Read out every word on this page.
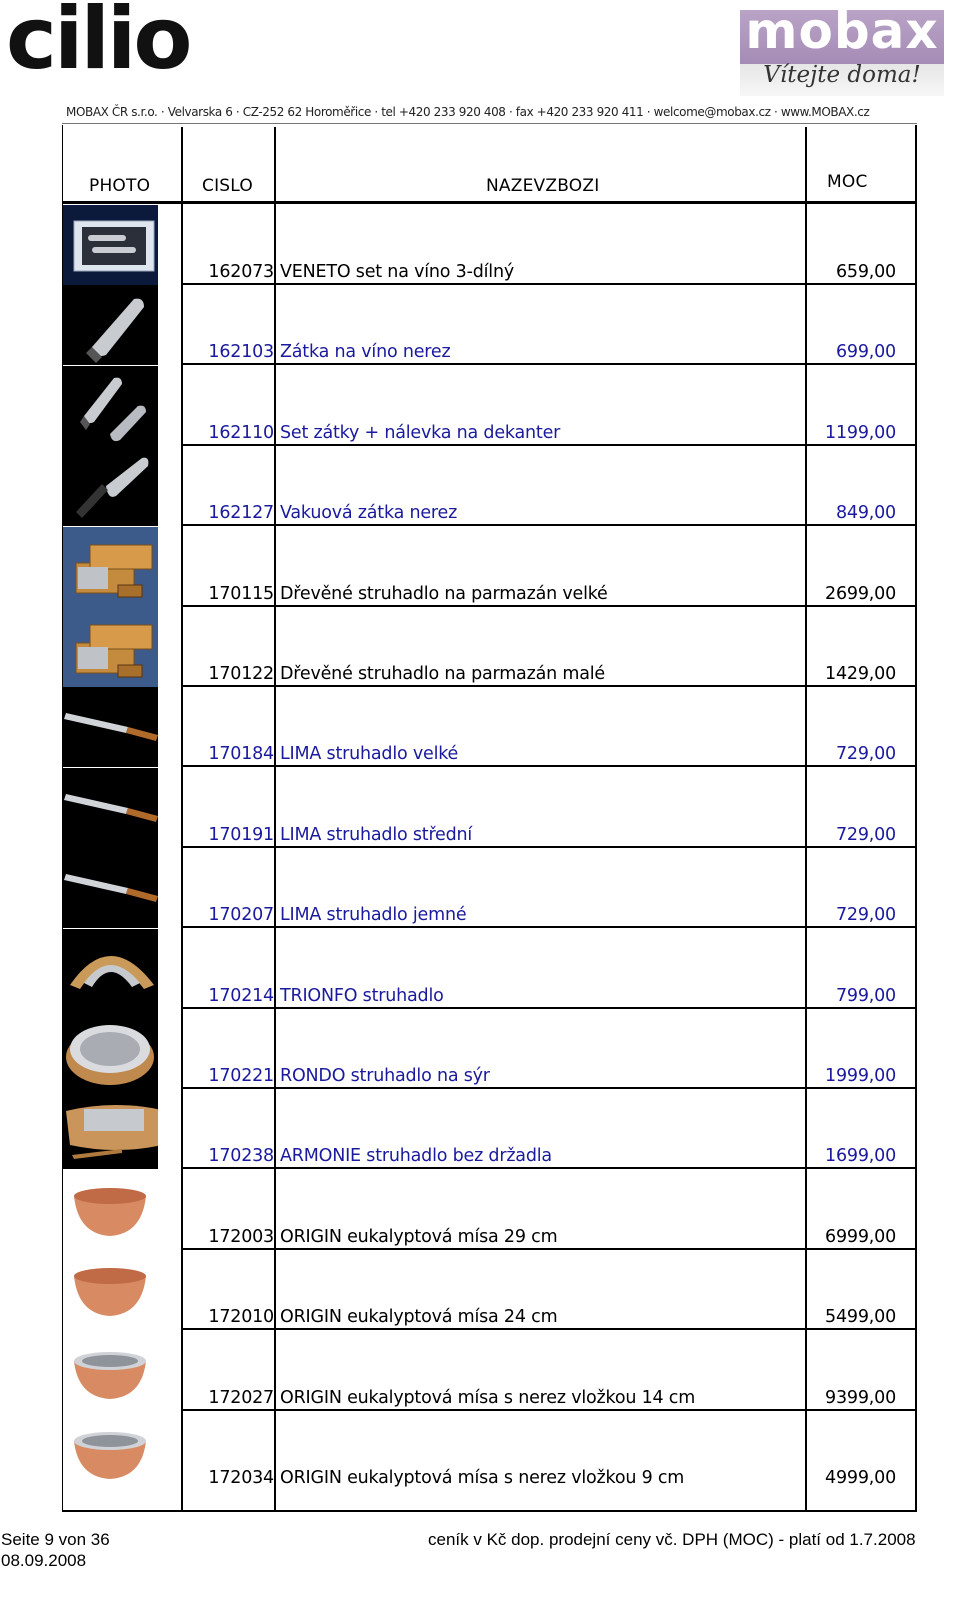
cilio	mobax
Vítejte doma!
MOBAX ČR s.r.o. · Velvarska 6 · CZ-252 62 Horoměřice · tel +420 233 920 408 · fax +420 233 920 411 · welcome@mobax.cz · www.MOBAX.cz
PHOTO	CISLO	NAZEVZBOZI	MOC
162073 VENETO set na víno 3-dílný	659,00
162103 Zátka na víno nerez	699,00
162110 Set zátky + nálevka na dekanter	1199,00
162127 Vakuová zátka nerez	849,00
170115 Dřevěné struhadlo na parmazán velké	2699,00
170122 Dřevěné struhadlo na parmazán malé	1429,00
170184 LIMA struhadlo velké	729,00
170191 LIMA struhadlo střední	729,00
170207 LIMA struhadlo jemné	729,00
170214 TRIONFO struhadlo	799,00
170221 RONDO struhadlo na sýr	1999,00
170238 ARMONIE struhadlo bez držadla	1699,00
172003 ORIGIN eukalyptová mísa 29 cm	6999,00
172010 ORIGIN eukalyptová mísa 24 cm	5499,00
172027 ORIGIN eukalyptová mísa s nerez vložkou 14 cm	9399,00
172034 ORIGIN eukalyptová mísa s nerez vložkou 9 cm	4999,00
Seite 9 von 36
08.09.2008
ceník v Kč dop. prodejní ceny vč. DPH (MOC) - platí od 1.7.2008
